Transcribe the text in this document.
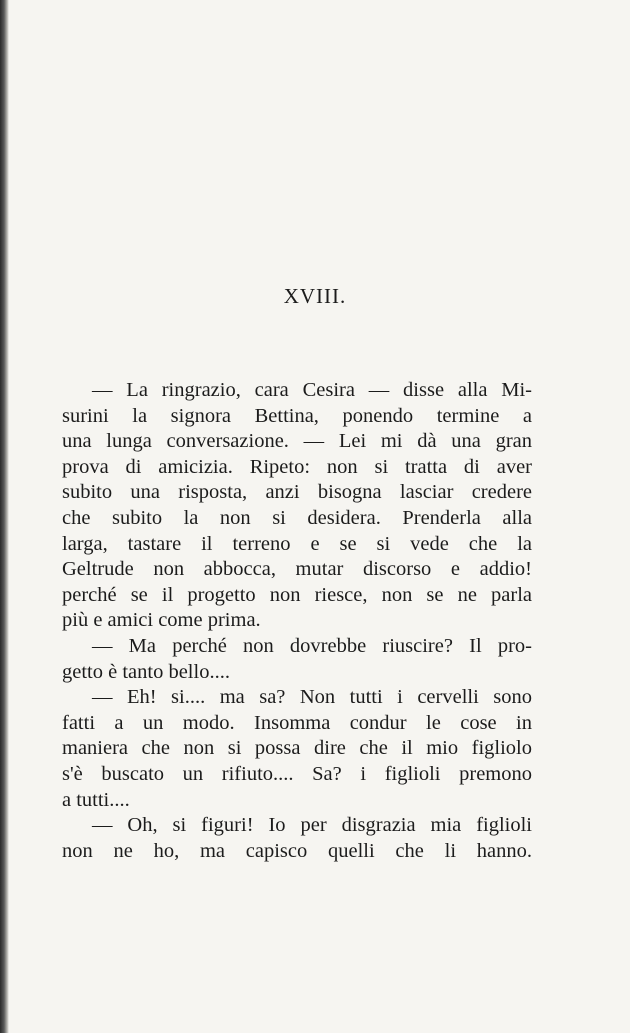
XVIII.
— La ringrazio, cara Cesira — disse alla Mi-
surini la signora Bettina, ponendo termine a
una lunga conversazione. — Lei mi dà una gran
prova di amicizia. Ripeto: non si tratta di aver
subito una risposta, anzi bisogna lasciar credere
che subito la non si desidera. Prenderla alla
larga, tastare il terreno e se si vede che la
Geltrude non abbocca, mutar discorso e addio!
perché se il progetto non riesce, non se ne parla
più e amici come prima.
— Ma perché non dovrebbe riuscire? Il pro-
getto è tanto bello....
— Eh! si.... ma sa? Non tutti i cervelli sono
fatti a un modo. Insomma condur le cose in
maniera che non si possa dire che il mio figliolo
s'è buscato un rifiuto.... Sa? i figlioli premono
a tutti....
— Oh, si figuri! Io per disgrazia mia figlioli
non ne ho, ma capisco quelli che li hanno.
